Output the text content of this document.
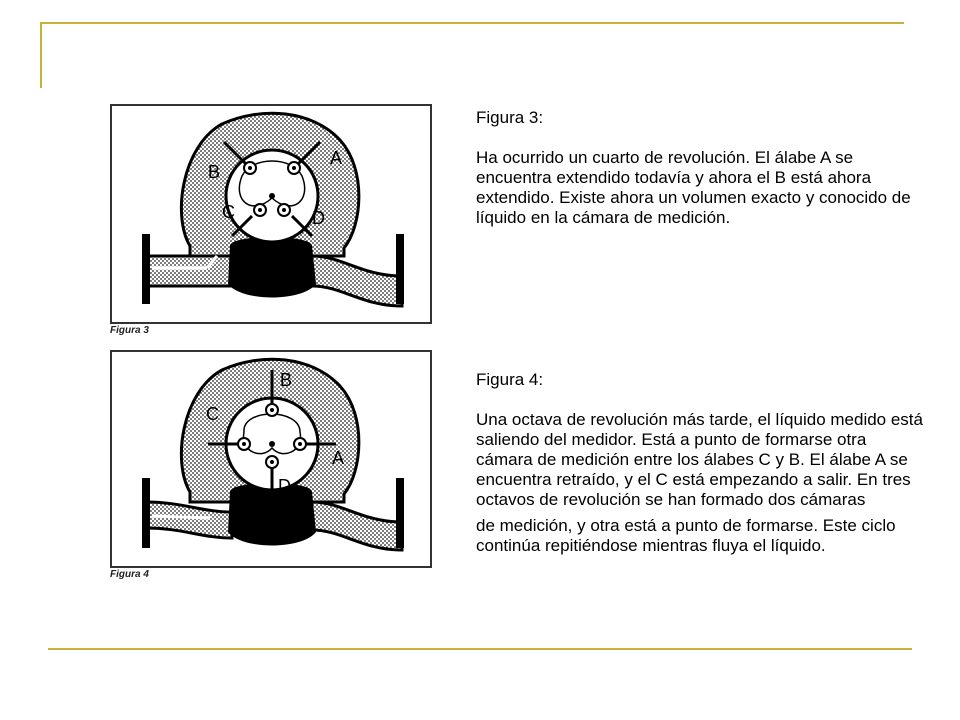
A
B
C	D
Figura 3
B
C
A
D
Figura 4

Figura 3:

Ha ocurrido un cuarto de revolución. El álabe A se encuentra extendido todavía y ahora el B está ahora extendido. Existe ahora un volumen exacto y conocido de líquido en la cámara de medición.

Figura 4:

Una octava de revolución más tarde, el líquido medido está saliendo del medidor. Está a punto de formarse otra cámara de medición entre los álabes C y B. El álabe A se encuentra retraído, y el C está empezando a salir. En tres octavos de revolución se han formado dos cámaras

de medición, y otra está a punto de formarse. Este ciclo continúa repitiéndose mientras fluya el líquido.
